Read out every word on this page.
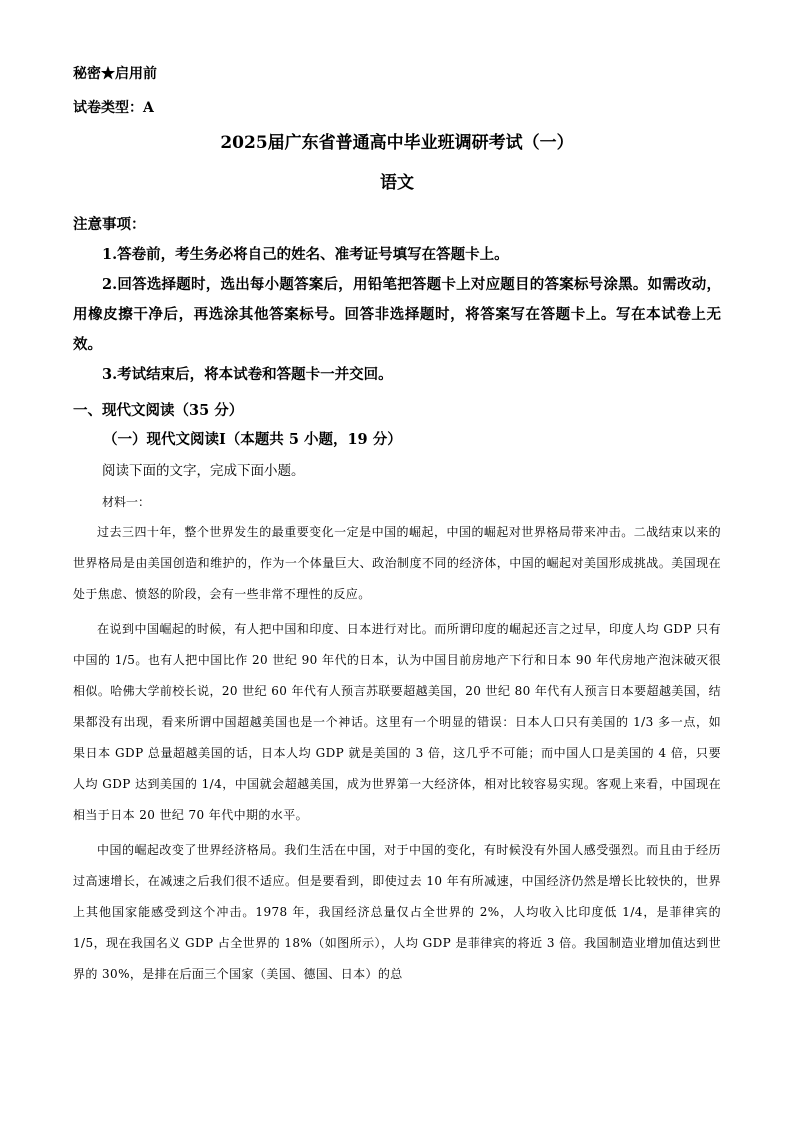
秘密★启用前
试卷类型：A
2025届广东省普通高中毕业班调研考试（一）
语文

注意事项：

1.答卷前，考生务必将自己的姓名、准考证号填写在答题卡上。

2.回答选择题时，选出每小题答案后，用铅笔把答题卡上对应题目的答案标号涂黑。如需改动，用橡皮擦干净后，再选涂其他答案标号。回答非选择题时，将答案写在答题卡上。写在本试卷上无效。

3.考试结束后，将本试卷和答题卡一并交回。

一、现代文阅读（35 分）
（一）现代文阅读Ⅰ（本题共 5 小题，19 分）
阅读下面的文字，完成下面小题。
材料一：

过去三四十年，整个世界发生的最重要变化一定是中国的崛起，中国的崛起对世界格局带来冲击。二战结束以来的世界格局是由美国创造和维护的，作为一个体量巨大、政治制度不同的经济体，中国的崛起对美国形成挑战。美国现在处于焦虑、愤怒的阶段，会有一些非常不理性的反应。

在说到中国崛起的时候，有人把中国和印度、日本进行对比。而所谓印度的崛起还言之过早，印度人均 GDP 只有中国的 1/5。也有人把中国比作 20 世纪 90 年代的日本，认为中国目前房地产下行和日本 90 年代房地产泡沫破灭很相似。哈佛大学前校长说，20 世纪 60 年代有人预言苏联要超越美国，20 世纪 80 年代有人预言日本要超越美国，结果都没有出现，看来所谓中国超越美国也是一个神话。这里有一个明显的错误：日本人口只有美国的 1/3 多一点，如果日本 GDP 总量超越美国的话，日本人均 GDP 就是美国的 3 倍，这几乎不可能；而中国人口是美国的 4 倍，只要人均 GDP 达到美国的 1/4，中国就会超越美国，成为世界第一大经济体，相对比较容易实现。客观上来看，中国现在相当于日本 20 世纪 70 年代中期的水平。

中国的崛起改变了世界经济格局。我们生活在中国，对于中国的变化，有时候没有外国人感受强烈。而且由于经历过高速增长，在减速之后我们很不适应。但是要看到，即使过去 10 年有所减速，中国经济仍然是增长比较快的，世界上其他国家能感受到这个冲击。1978 年，我国经济总量仅占全世界的 2%，人均收入比印度低 1/4，是菲律宾的 1/5，现在我国名义 GDP 占全世界的 18%（如图所示），人均 GDP 是菲律宾的将近 3 倍。我国制造业增加值达到世界的 30%，是排在后面三个国家（美国、德国、日本）的总
